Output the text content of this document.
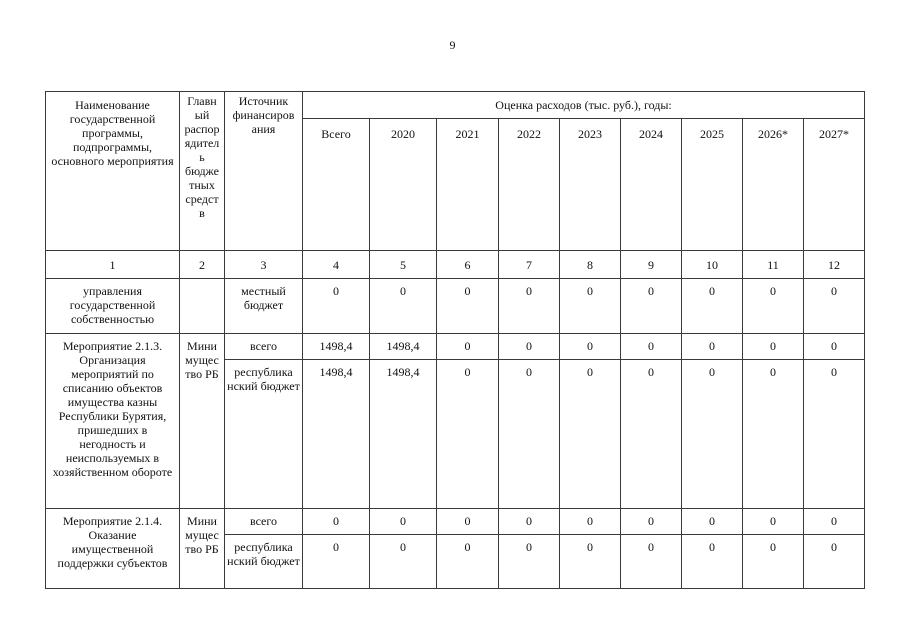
9
Наименование государственной программы, подпрограммы, основного мероприятия	Главн ый распор ядител ь бюдже тных средст в	Источник финансиров ания	Оценка расходов (тыс. руб.), годы:								
			Всего	2020	2021	2022	2023	2024	2025	2026*	2027*
1	2	3	4	5	6	7	8	9	10	11	12
управления государственной собственностью		местный бюджет	0	0	0	0	0	0	0	0	0
Мероприятие 2.1.3. Организация мероприятий по списанию объектов имущества казны Республики Бурятия, пришедших в негодность и неиспользуемых в хозяйственном обороте	Мини мущес тво РБ	всего	1498,4	1498,4	0	0	0	0	0	0	0
		республика нский бюджет	1498,4	1498,4	0	0	0	0	0	0	0
Мероприятие 2.1.4. Оказание имущественной поддержки субъектов	Мини мущес тво РБ	всего	0	0	0	0	0	0	0	0	0
		республика нский бюджет	0	0	0	0	0	0	0	0	0
